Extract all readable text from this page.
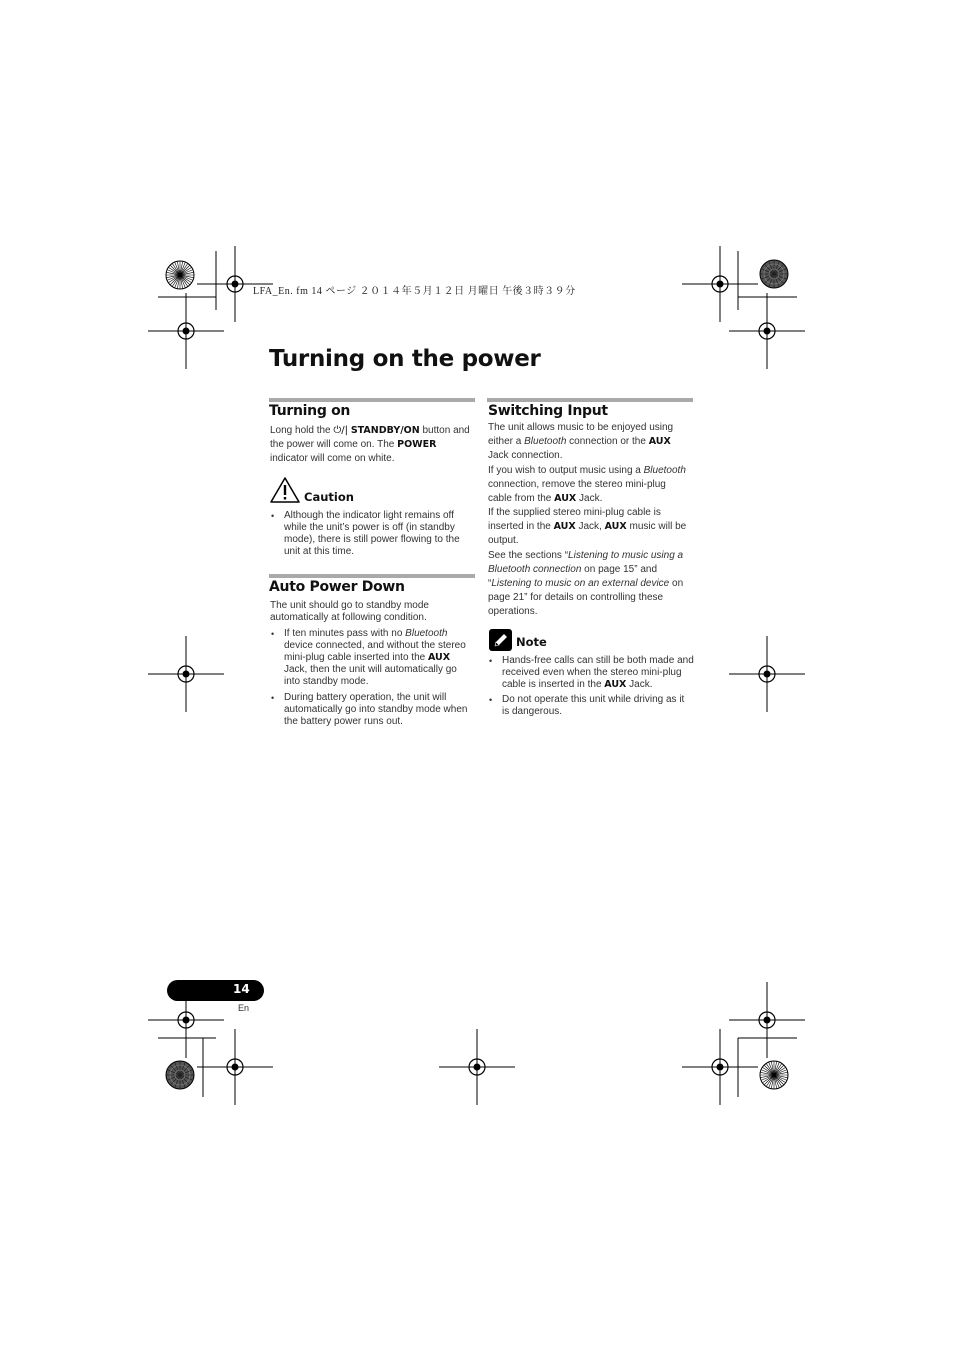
LFA_En. fm 14 ページ ２０１４年５月１２日 月曜日 午後３時３９分
Turning on the power
Turning on

Long hold the ⏻/| STANDBY/ON button and the power will come on. The POWER indicator will come on white.

Caution

• Although the indicator light remains off while the unit’s power is off (in standby mode), there is still power flowing to the unit at this time.

Auto Power Down

The unit should go to standby mode automatically at following condition.

• If ten minutes pass with no Bluetooth device connected, and without the stereo mini-plug cable inserted into the AUX Jack, then the unit will automatically go into standby mode.

• During battery operation, the unit will automatically go into standby mode when the battery power runs out.

Switching Input

The unit allows music to be enjoyed using either a Bluetooth connection or the AUX Jack connection.

If you wish to output music using a Bluetooth connection, remove the stereo mini-plug cable from the AUX Jack.

If the supplied stereo mini-plug cable is inserted in the AUX Jack, AUX music will be output.

See the sections “Listening to music using a Bluetooth connection on page 15” and “Listening to music on an external device on page 21” for details on controlling these operations.

Note

• Hands-free calls can still be both made and received even when the stereo mini-plug cable is inserted in the AUX Jack.

• Do not operate this unit while driving as it is dangerous.

14
En
